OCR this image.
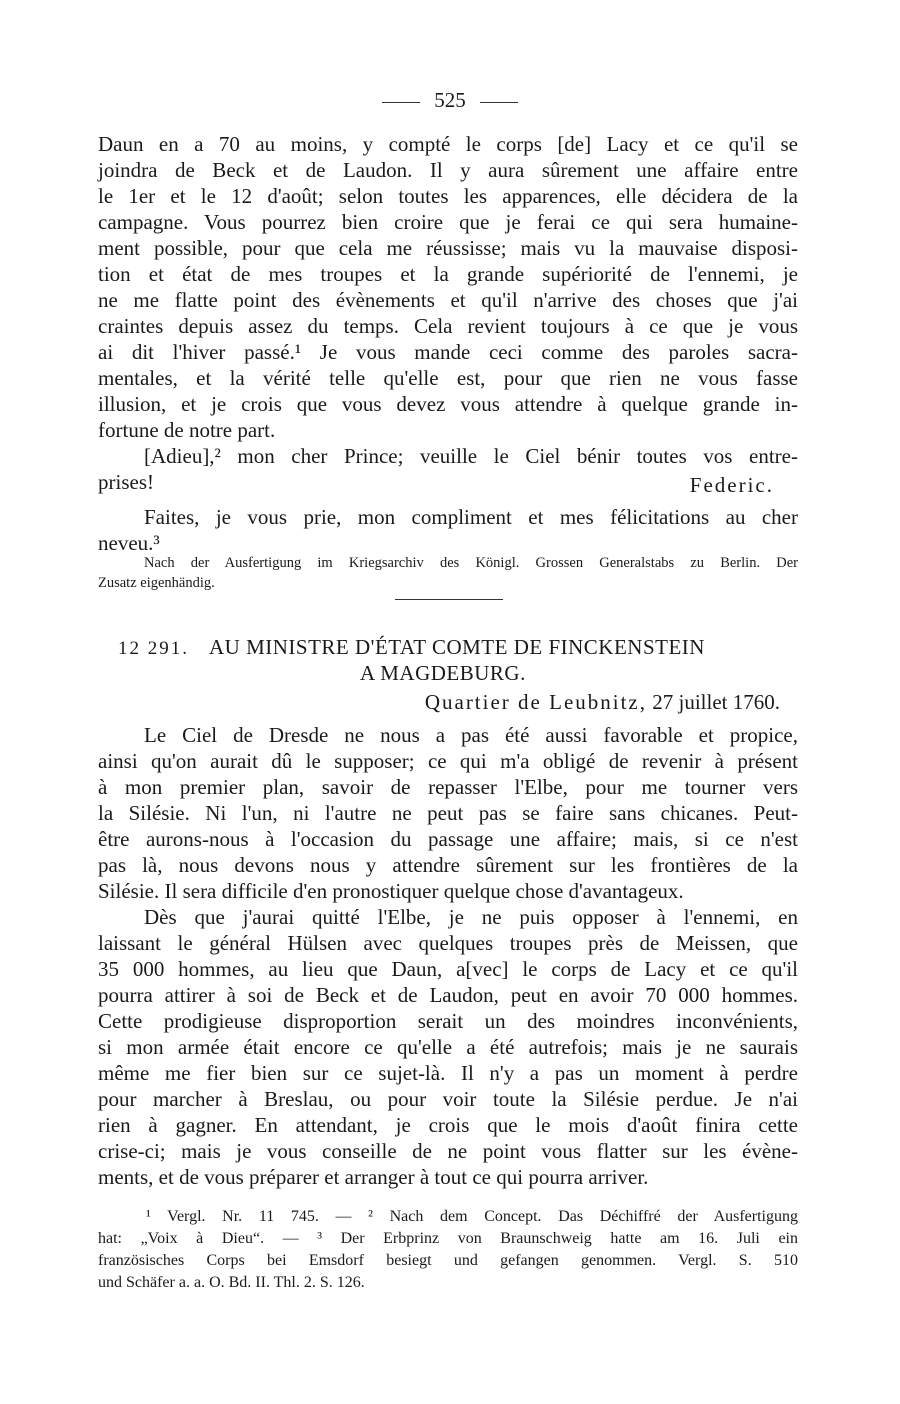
525
Daun en a 70 au moins, y compté le corps [de] Lacy et ce qu'il se
joindra de Beck et de Laudon. Il y aura sûrement une affaire entre
le 1er et le 12 d'août; selon toutes les apparences, elle décidera de la
campagne. Vous pourrez bien croire que je ferai ce qui sera humaine-
ment possible, pour que cela me réussisse; mais vu la mauvaise disposi-
tion et état de mes troupes et la grande supériorité de l'ennemi, je
ne me flatte point des évènements et qu'il n'arrive des choses que j'ai
craintes depuis assez du temps. Cela revient toujours à ce que je vous
ai dit l'hiver passé.¹ Je vous mande ceci comme des paroles sacra-
mentales, et la vérité telle qu'elle est, pour que rien ne vous fasse
illusion, et je crois que vous devez vous attendre à quelque grande in-
fortune de notre part.
[Adieu],² mon cher Prince; veuille le Ciel bénir toutes vos entre-
prises!	Federic.
Faites, je vous prie, mon compliment et mes félicitations au cher
neveu.³
Nach der Ausfertigung im Kriegsarchiv des Königl. Grossen Generalstabs zu Berlin. Der
Zusatz eigenhändig.
12 291. AU MINISTRE D'ÉTAT COMTE DE FINCKENSTEIN
A MAGDEBURG.
Quartier de Leubnitz, 27 juillet 1760.
Le Ciel de Dresde ne nous a pas été aussi favorable et propice,
ainsi qu'on aurait dû le supposer; ce qui m'a obligé de revenir à présent
à mon premier plan, savoir de repasser l'Elbe, pour me tourner vers
la Silésie. Ni l'un, ni l'autre ne peut pas se faire sans chicanes. Peut-
être aurons-nous à l'occasion du passage une affaire; mais, si ce n'est
pas là, nous devons nous y attendre sûrement sur les frontières de la
Silésie. Il sera difficile d'en pronostiquer quelque chose d'avantageux.
Dès que j'aurai quitté l'Elbe, je ne puis opposer à l'ennemi, en
laissant le général Hülsen avec quelques troupes près de Meissen, que
35 000 hommes, au lieu que Daun, a[vec] le corps de Lacy et ce qu'il
pourra attirer à soi de Beck et de Laudon, peut en avoir 70 000 hommes.
Cette prodigieuse disproportion serait un des moindres inconvénients,
si mon armée était encore ce qu'elle a été autrefois; mais je ne saurais
même me fier bien sur ce sujet-là. Il n'y a pas un moment à perdre
pour marcher à Breslau, ou pour voir toute la Silésie perdue. Je n'ai
rien à gagner. En attendant, je crois que le mois d'août finira cette
crise-ci; mais je vous conseille de ne point vous flatter sur les évène-
ments, et de vous préparer et arranger à tout ce qui pourra arriver.
¹ Vergl. Nr. 11 745. — ² Nach dem Concept. Das Déchiffré der Ausfertigung
hat: „Voix à Dieu“. — ³ Der Erbprinz von Braunschweig hatte am 16. Juli ein
französisches Corps bei Emsdorf besiegt und gefangen genommen. Vergl. S. 510
und Schäfer a. a. O. Bd. II. Thl. 2. S. 126.
